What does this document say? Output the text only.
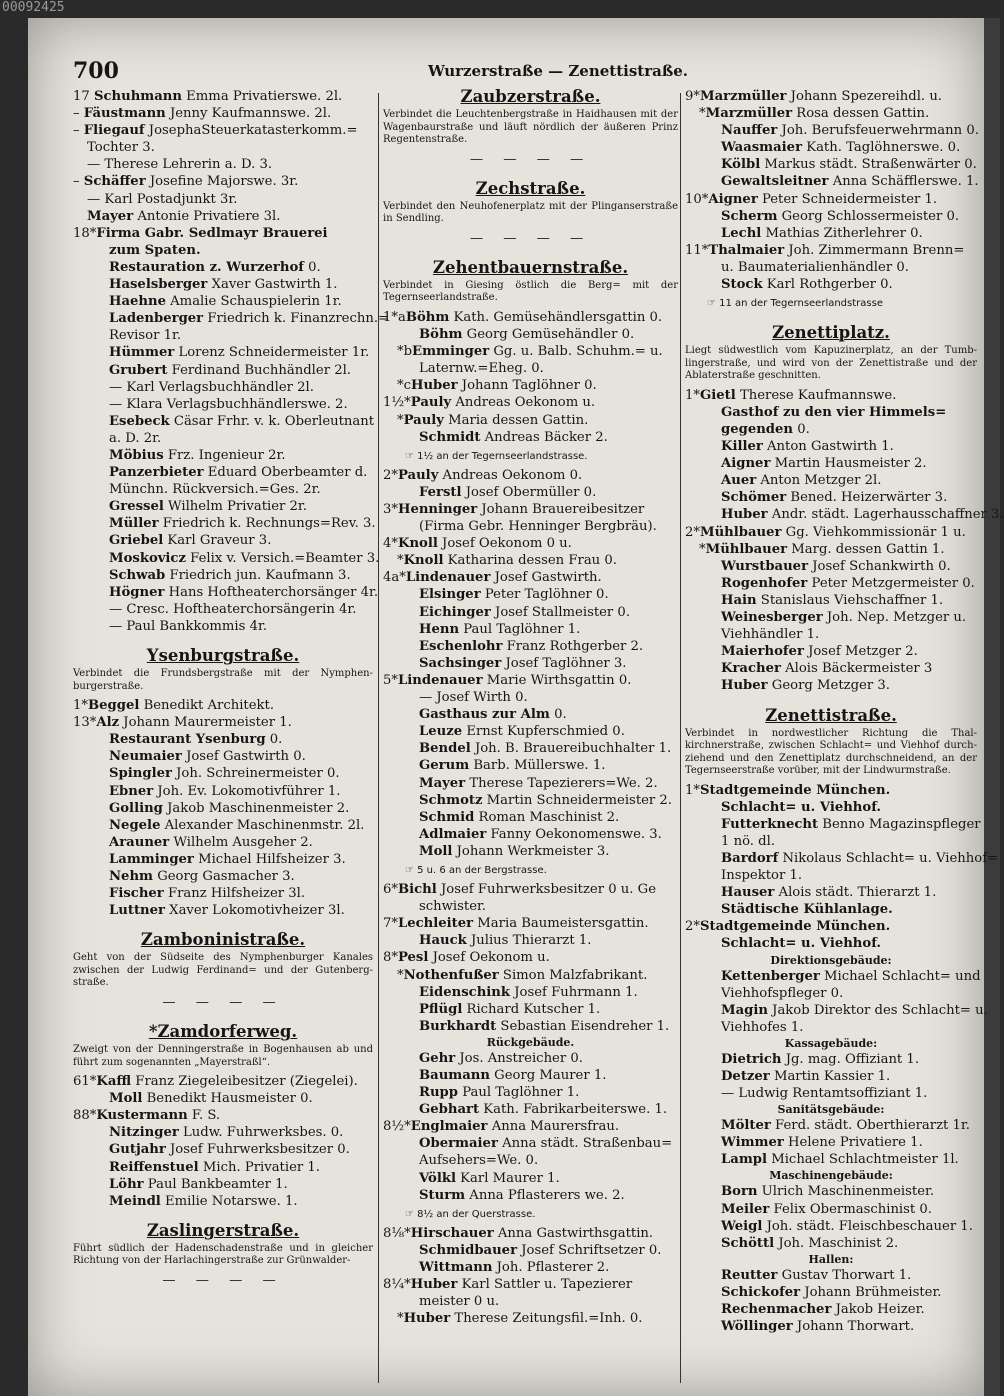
00092425
700	Wurzerstraße — Zenettistraße.
17 Schuhmann Emma Privatierswe. 2l.
– Fäustmann Jenny Kaufmannswe. 2l.
– Fliegauf JosephaSteuerkatasterkomm.=
Tochter 3.
— Therese Lehrerin a. D. 3.
– Schäffer Josefine Majorswe. 3r.
— Karl Postadjunkt 3r.
Mayer Antonie Privatiere 3l.
18*Firma Gabr. Sedlmayr Brauerei
zum Spaten.
Restauration z. Wurzerhof 0.
Haselsberger Xaver Gastwirth 1.
Haehne Amalie Schauspielerin 1r.
Ladenberger Friedrich k. Finanzrechn.=
Revisor 1r.
Hümmer Lorenz Schneidermeister 1r.
Grubert Ferdinand Buchhändler 2l.
— Karl Verlagsbuchhändler 2l.
— Klara Verlagsbuchhändlerswe. 2.
Esebeck Cäsar Frhr. v. k. Oberleutnant
a. D. 2r.
Möbius Frz. Ingenieur 2r.
Panzerbieter Eduard Oberbeamter d.
Münchn. Rückversich.=Ges. 2r.
Gressel Wilhelm Privatier 2r.
Müller Friedrich k. Rechnungs=Rev. 3.
Griebel Karl Graveur 3.
Moskovicz Felix v. Versich.=Beamter 3.
Schwab Friedrich jun. Kaufmann 3.
Högner Hans Hoftheaterchorsänger 4r.
— Cresc. Hoftheaterchorsängerin 4r.
— Paul Bankkommis 4r.
Ysenburgstraße.
Verbindet die Frundsbergstraße mit der Nymphenburgerstraße.
1*Beggel Benedikt Architekt.
13*Alz Johann Maurermeister 1.
Restaurant Ysenburg 0.
Neumaier Josef Gastwirth 0.
Spingler Joh. Schreinermeister 0.
Ebner Joh. Ev. Lokomotivführer 1.
Golling Jakob Maschinenmeister 2.
Negele Alexander Maschinenmstr. 2l.
Arauner Wilhelm Ausgeher 2.
Lamminger Michael Hilfsheizer 3.
Nehm Georg Gasmacher 3.
Fischer Franz Hilfsheizer 3l.
Luttner Xaver Lokomotivheizer 3l.
Zamboninistraße.
Geht von der Südseite des Nymphenburger Kanales zwischen der Ludwig Ferdinand= und der Gutenbergstraße.
— — — —
*Zamdorferweg.
Zweigt von der Denningerstraße in Bogenhausen ab und führt zum sogenannten „Mayerstraßl“.
61*Kaffl Franz Ziegeleibesitzer (Ziegelei).
Moll Benedikt Hausmeister 0.
88*Kustermann F. S.
Nitzinger Ludw. Fuhrwerksbes. 0.
Gutjahr Josef Fuhrwerksbesitzer 0.
Reiffenstuel Mich. Privatier 1.
Löhr Paul Bankbeamter 1.
Meindl Emilie Notarswe. 1.
Zaslingerstraße.
Führt südlich der Hadenschadenstraße und in gleicher Richtung von der Harlachingerstraße zur Grünwalder-
— — — —
Zaubzerstraße.
Verbindet die Leuchtenbergstraße in Haidhausen mit der Wagenbaurstraße und läuft nördlich der äußeren Prinz Regentenstraße.
— — — —
Zechstraße.
Verbindet den Neuhofenerplatz mit der Plinganserstraße in Sendling.
— — — —
Zehentbauernstraße.
Verbindet in Giesing östlich die Berg= mit der Tegernseerlandstraße.
1*aBöhm Kath. Gemüsehändlersgattin 0.
Böhm Georg Gemüsehändler 0.
*bEmminger Gg. u. Balb. Schuhm.= u.
Laternw.=Eheg. 0.
*cHuber Johann Taglöhner 0.
1½*Pauly Andreas Oekonom u.
*Pauly Maria dessen Gattin.
Schmidt Andreas Bäcker 2.
☞ 1½ an der Tegernseerlandstrasse.
2*Pauly Andreas Oekonom 0.
Ferstl Josef Obermüller 0.
3*Henninger Johann Brauereibesitzer
(Firma Gebr. Henninger Bergbräu).
4*Knoll Josef Oekonom 0 u.
*Knoll Katharina dessen Frau 0.
4a*Lindenauer Josef Gastwirth.
Elsinger Peter Taglöhner 0.
Eichinger Josef Stallmeister 0.
Henn Paul Taglöhner 1.
Eschenlohr Franz Rothgerber 2.
Sachsinger Josef Taglöhner 3.
5*Lindenauer Marie Wirthsgattin 0.
— Josef Wirth 0.
Gasthaus zur Alm 0.
Leuze Ernst Kupferschmied 0.
Bendel Joh. B. Brauereibuchhalter 1.
Gerum Barb. Müllerswe. 1.
Mayer Therese Tapezierers=We. 2.
Schmotz Martin Schneidermeister 2.
Schmid Roman Maschinist 2.
Adlmaier Fanny Oekonomenswe. 3.
Moll Johann Werkmeister 3.
☞ 5 u. 6 an der Bergstrasse.
6*Bichl Josef Fuhrwerksbesitzer 0 u. Ge
schwister.
7*Lechleiter Maria Baumeistersgattin.
Hauck Julius Thierarzt 1.
8*Pesl Josef Oekonom u.
*Nothenfußer Simon Malzfabrikant.
Eidenschink Josef Fuhrmann 1.
Pflügl Richard Kutscher 1.
Burkhardt Sebastian Eisendreher 1.
Rückgebäude.
Gehr Jos. Anstreicher 0.
Baumann Georg Maurer 1.
Rupp Paul Taglöhner 1.
Gebhart Kath. Fabrikarbeiterswe. 1.
8½*Englmaier Anna Maurersfrau.
Obermaier Anna städt. Straßenbau=
Aufsehers=We. 0.
Völkl Karl Maurer 1.
Sturm Anna Pflasterers we. 2.
☞ 8½ an der Querstrasse.
8⅛*Hirschauer Anna Gastwirthsgattin.
Schmidbauer Josef Schriftsetzer 0.
Wittmann Joh. Pflasterer 2.
8¼*Huber Karl Sattler u. Tapezierer
meister 0 u.
*Huber Therese Zeitungsfil.=Inh. 0.
9*Marzmüller Johann Spezereihdl. u.
*Marzmüller Rosa dessen Gattin.
Nauffer Joh. Berufsfeuerwehrmann 0.
Waasmaier Kath. Taglöhnerswe. 0.
Kölbl Markus städt. Straßenwärter 0.
Gewaltsleitner Anna Schäfflerswe. 1.
10*Aigner Peter Schneidermeister 1.
Scherm Georg Schlossermeister 0.
Lechl Mathias Zitherlehrer 0.
11*Thalmaier Joh. Zimmermann Brenn=
u. Baumaterialienhändler 0.
Stock Karl Rothgerber 0.
☞ 11 an der Tegernseerlandstrasse
Zenettiplatz.
Liegt südwestlich vom Kapuzinerplatz, an der Tumblingerstraße, und wird von der Zenettistraße und der Ablaterstraße geschnitten.
1*Gietl Therese Kaufmannswe.
Gasthof zu den vier Himmels=
gegenden 0.
Killer Anton Gastwirth 1.
Aigner Martin Hausmeister 2.
Auer Anton Metzger 2l.
Schömer Bened. Heizerwärter 3.
Huber Andr. städt. Lagerhausschaffner 3.
2*Mühlbauer Gg. Viehkommissionär 1 u.
*Mühlbauer Marg. dessen Gattin 1.
Wurstbauer Josef Schankwirth 0.
Rogenhofer Peter Metzgermeister 0.
Hain Stanislaus Viehschaffner 1.
Weinesberger Joh. Nep. Metzger u.
Viehhändler 1.
Maierhofer Josef Metzger 2.
Kracher Alois Bäckermeister 3
Huber Georg Metzger 3.
Zenettistraße.
Verbindet in nordwestlicher Richtung die Thalkirchnerstraße, zwischen Schlacht= und Viehhof durchziehend und den Zenettiplatz durchschneidend, an der Tegernseerstraße vorüber, mit der Lindwurmstraße.
1*Stadtgemeinde München.
Schlacht= u. Viehhof.
Futterknecht Benno Magazinspfleger
1 nö. dl.
Bardorf Nikolaus Schlacht= u. Viehhof=
Inspektor 1.
Hauser Alois städt. Thierarzt 1.
Städtische Kühlanlage.
2*Stadtgemeinde München.
Schlacht= u. Viehhof.
Direktionsgebäude:
Kettenberger Michael Schlacht= und
Viehhofspfleger 0.
Magin Jakob Direktor des Schlacht= u.
Viehhofes 1.
Kassagebäude:
Dietrich Jg. mag. Offiziant 1.
Detzer Martin Kassier 1.
— Ludwig Rentamtsoffiziant 1.
Sanitätsgebäude:
Mölter Ferd. städt. Oberthierarzt 1r.
Wimmer Helene Privatiere 1.
Lampl Michael Schlachtmeister 1l.
Maschinengebäude:
Born Ulrich Maschinenmeister.
Meiler Felix Obermaschinist 0.
Weigl Joh. städt. Fleischbeschauer 1.
Schöttl Joh. Maschinist 2.
Hallen:
Reutter Gustav Thorwart 1.
Schickofer Johann Brühmeister.
Rechenmacher Jakob Heizer.
Wöllinger Johann Thorwart.
